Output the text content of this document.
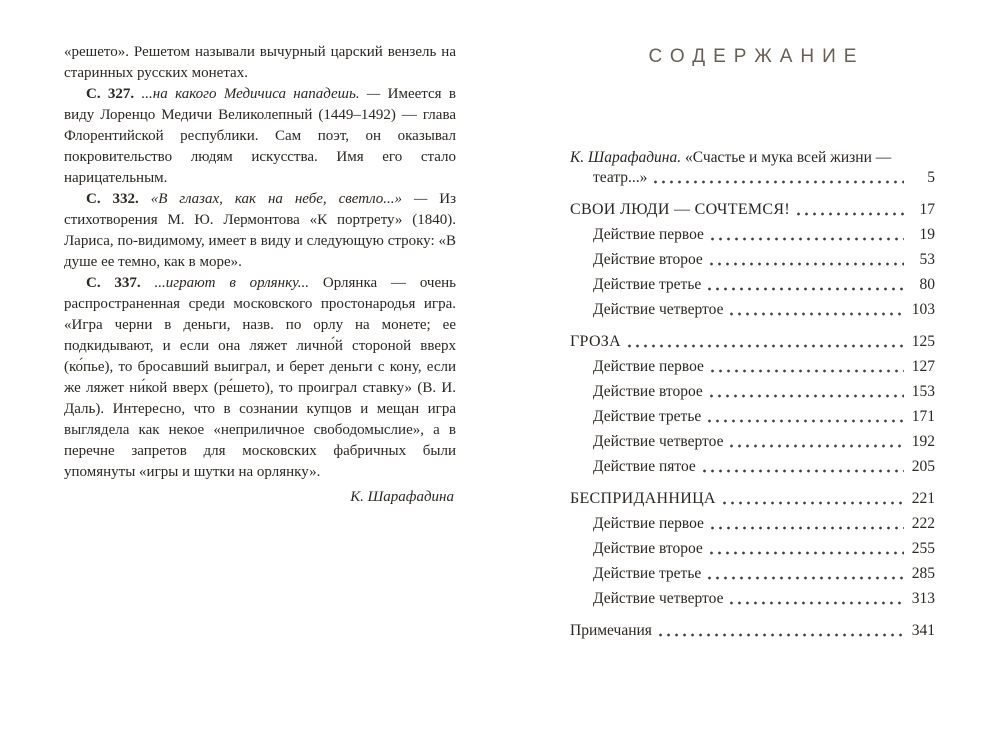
«решето». Решетом называли вычурный царский вензель на старинных русских монетах.

С. 327. ...на какого Медичиса нападешь. — Имеется в виду Лоренцо Медичи Великолепный (1449–1492) — глава Флорентийской республики. Сам поэт, он оказывал покровительство людям искусства. Имя его стало нарицательным.

С. 332. «В глазах, как на небе, светло...» — Из стихотворения М. Ю. Лермонтова «К портрету» (1840). Лариса, по-видимому, имеет в виду и следующую строку: «В душе ее темно, как в море».

С. 337. ...играют в орлянку... Орлянка — очень распространенная среди московского простонародья игра. «Игра черни в деньги, назв. по орлу на монете; ее подкидывают, и если она ляжет лично́й стороной вверх (ко́пье), то бросавший выиграл, и берет деньги с кону, если же ляжет ни́кой вверх (ре́шето), то проиграл ставку» (В. И. Даль). Интересно, что в сознании купцов и мещан игра выглядела как некое «неприличное свободомыслие», а в перечне запретов для московских фабричных были упомянуты «игры и шутки на орлянку».

К. Шарафадина
СОДЕРЖАНИЕ
К. Шарафадина. «Счастье и мука всей жизни —
театр...»	5
СВОИ ЛЮДИ — СОЧТЕМСЯ!	17
Действие первое	19
Действие второе	53
Действие третье	80
Действие четвертое	103
ГРОЗА	125
Действие первое	127
Действие второе	153
Действие третье	171
Действие четвертое	192
Действие пятое	205
БЕСПРИДАННИЦА	221
Действие первое	222
Действие второе	255
Действие третье	285
Действие четвертое	313
Примечания	341
